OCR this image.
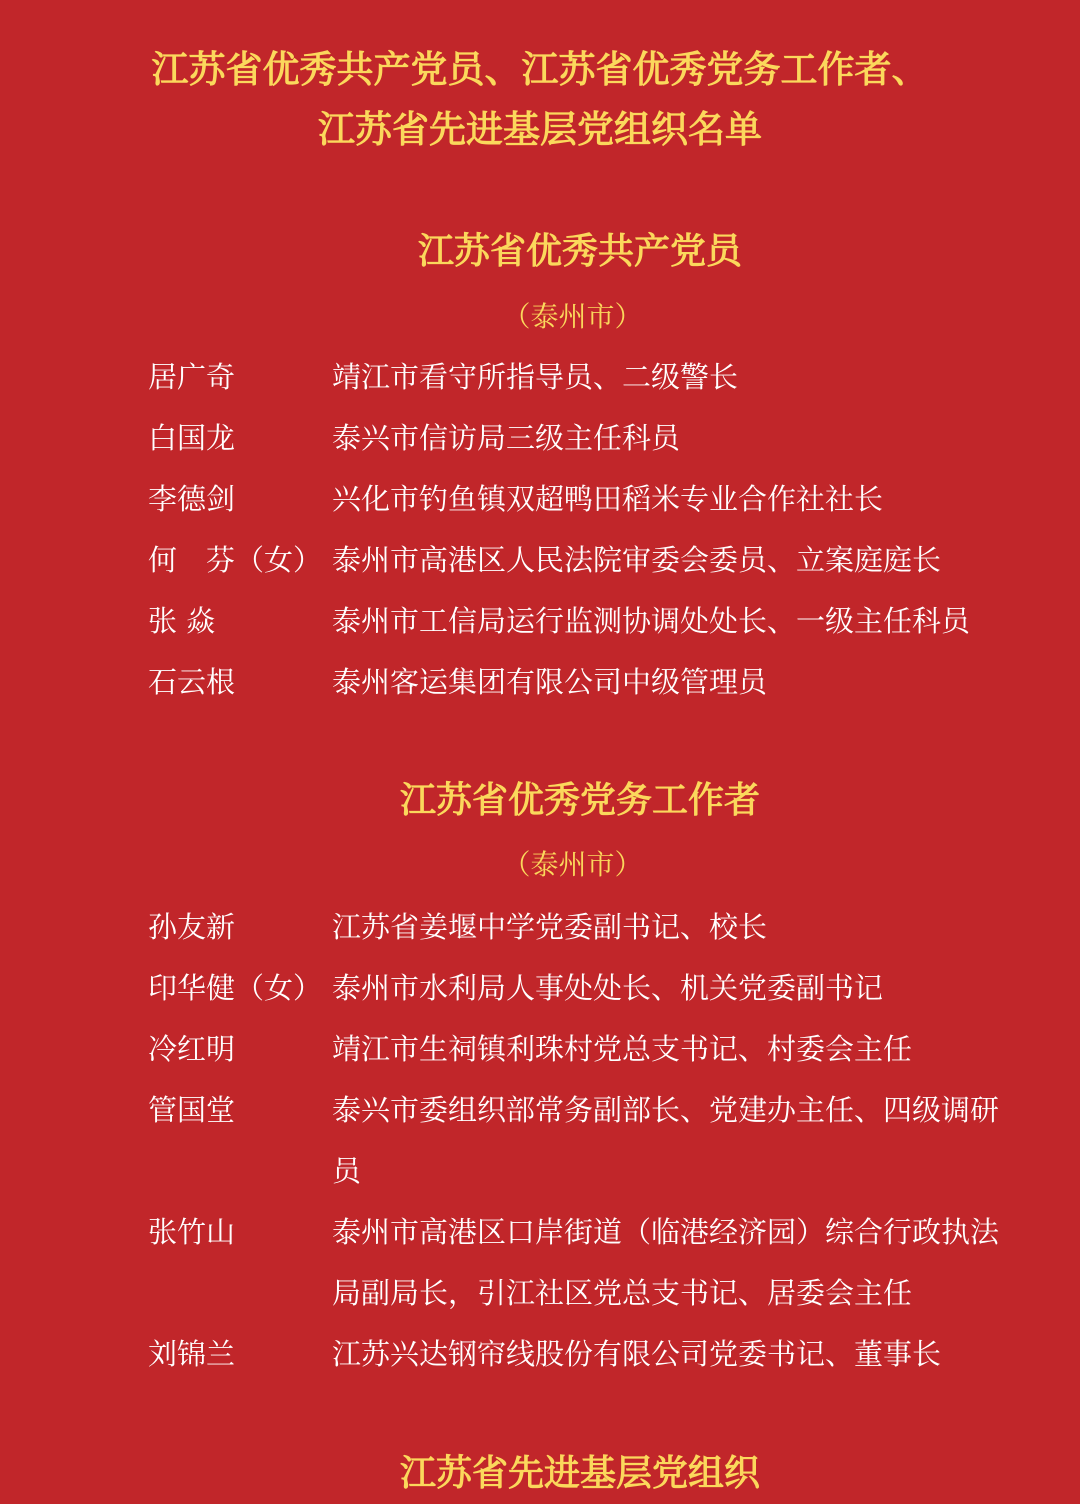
江苏省优秀共产党员、江苏省优秀党务工作者、
江苏省先进基层党组织名单
江苏省优秀共产党员
（泰州市）
居广奇	靖江市看守所指导员、二级警长
白国龙	泰兴市信访局三级主任科员
李德剑	兴化市钓鱼镇双超鸭田稻米专业合作社社长
何　芬（女） 泰州市高港区人民法院审委会委员、立案庭庭长
张 焱	泰州市工信局运行监测协调处处长、一级主任科员
石云根	泰州客运集团有限公司中级管理员
江苏省优秀党务工作者
（泰州市）
孙友新	江苏省姜堰中学党委副书记、校长
印华健（女） 泰州市水利局人事处处长、机关党委副书记
冷红明	靖江市生祠镇利珠村党总支书记、村委会主任
管国堂	泰兴市委组织部常务副部长、党建办主任、四级调研员
张竹山	泰州市高港区口岸街道（临港经济园）综合行政执法局副局长，引江社区党总支书记、居委会主任
刘锦兰	江苏兴达钢帘线股份有限公司党委书记、董事长
江苏省先进基层党组织
